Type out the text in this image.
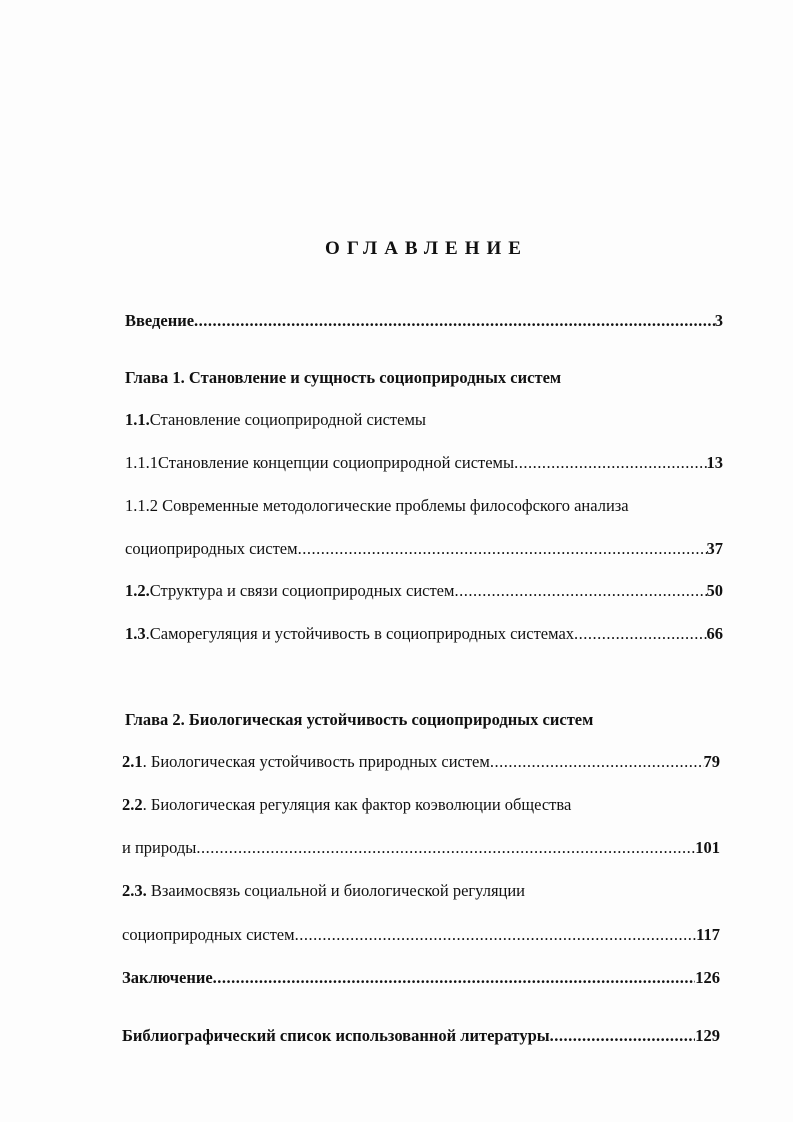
ОГЛАВЛЕНИЕ
Введение .....	3
Глава 1. Становление и сущность социоприродных систем
1.1.Становление социоприродной системы
1.1.1 Становление концепции социоприродной системы .....	13
1.1.2 Современные методологические проблемы философского анализа
социоприродных систем .....	37
1.2. Структура и связи социоприродных систем .....	50
1.3 .Саморегуляция и устойчивость в социоприродных системах .....	66
Глава 2. Биологическая устойчивость социоприродных систем
2.1 . Биологическая устойчивость природных систем .....	79
2.2. Биологическая регуляция как фактор коэволюции общества
и природы .....	101
2.3. Взаимосвязь социальной и биологической регуляции
социоприродных систем .....	117
Заключение .....	126
Библиографический список использованной литературы .....	129
